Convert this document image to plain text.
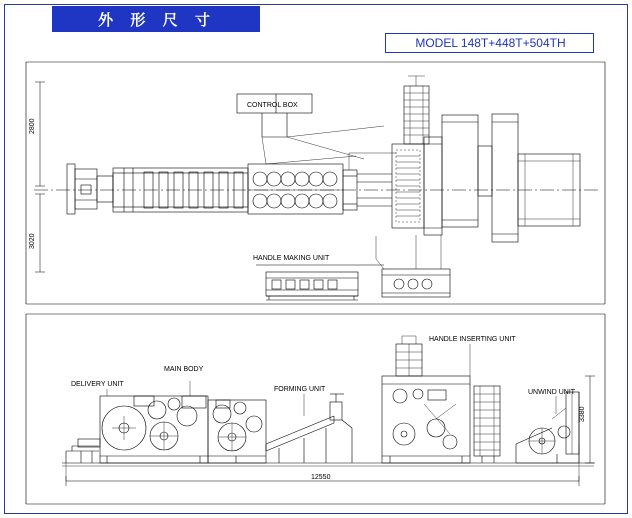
外 形 尺 寸
MODEL 148T+448T+504TH
CONTROL BOX
HANDLE MAKING UNIT
2800
3020
DELIVERY UNIT
MAIN BODY
FORMING UNIT
HANDLE INSERTING UNIT
UNWIND UNIT
12550
3380
